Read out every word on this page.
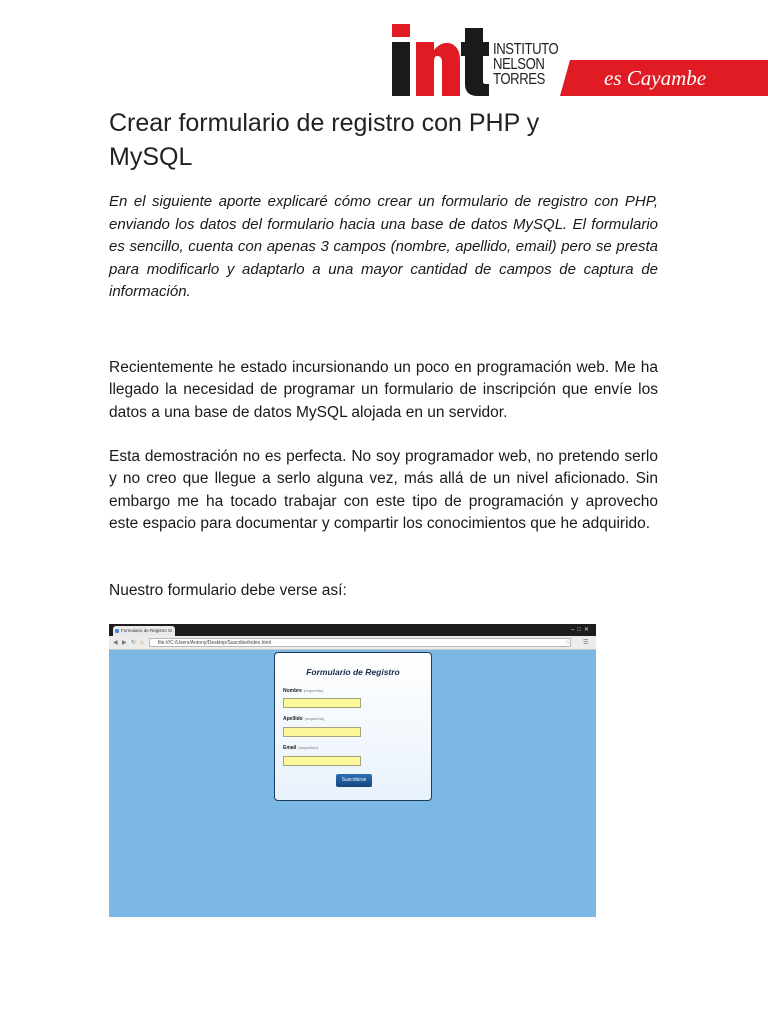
INSTITUTO
NELSON
TORRES	es Cayambe
Crear formulario de registro con PHP y MySQL

En el siguiente aporte explicaré cómo crear un formulario de registro con PHP, enviando los datos del formulario hacia una base de datos MySQL. El formulario es sencillo, cuenta con apenas 3 campos (nombre, apellido, email) pero se presta para modificarlo y adaptarlo a una mayor cantidad de campos de captura de información.

Recientemente he estado incursionando un poco en programación web. Me ha llegado la necesidad de programar un formulario de inscripción que envíe los datos a una base de datos MySQL alojada en un servidor.

Esta demostración no es perfecta. No soy programador web, no pretendo serlo y no creo que llegue a serlo alguna vez, más allá de un nivel aficionado. Sin embargo me ha tocado trabajar con este tipo de programación y aprovecho este espacio para documentar y compartir los conocimientos que he adquirido.

Nuestro formulario debe verse así:

Formulario de Registro Si	–□✕
◀ ▶ ↻ ⌂	file:///C:/Users/Antony/Desktop/Suscribe/index.html	☆ ☰
Formulario de Registro
Nombre (requerido)
Apellido (requerido)
Email (requerido)
Suscribirse
